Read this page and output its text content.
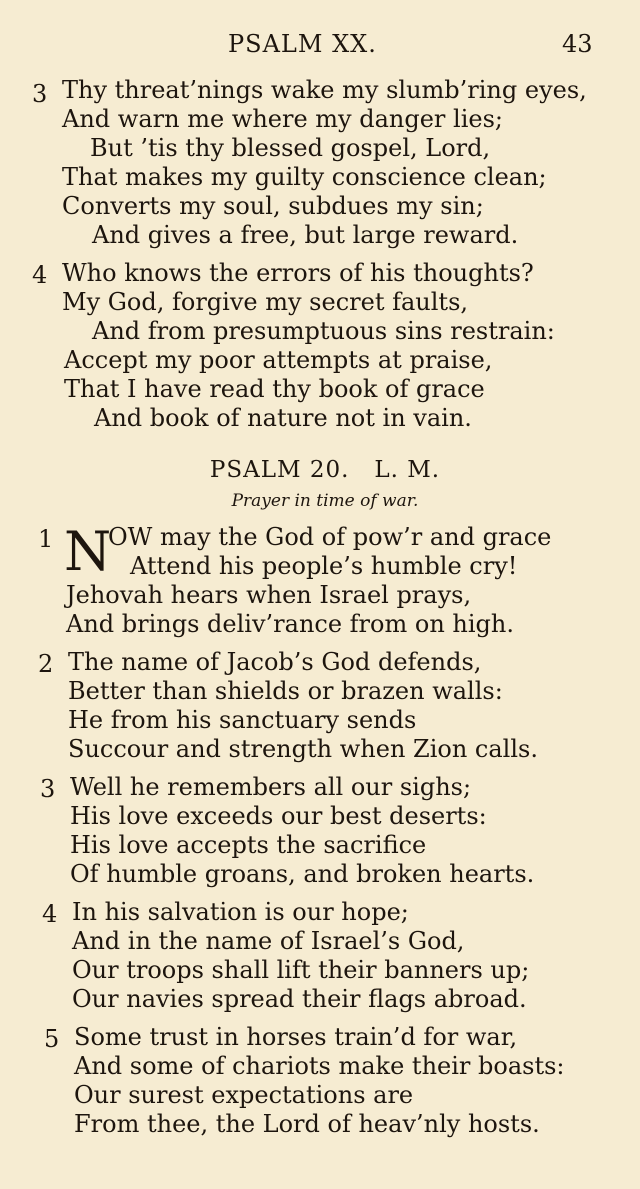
PSALM XX.	43
3 Thy threat’nings wake my slumb’ring eyes,
And warn me where my danger lies;
But ’tis thy blessed gospel, Lord,
That makes my guilty conscience clean;
Converts my soul, subdues my sin;
And gives a free, but large reward.
4 Who knows the errors of his thoughts?
My God, forgive my secret faults,
And from presumptuous sins restrain:
Accept my poor attempts at praise,
That I have read thy book of grace
And book of nature not in vain.
PSALM 20.   L. M.
Prayer in time of war.
1 N
OW may the God of pow’r and grace
Attend his people’s humble cry!
Jehovah hears when Israel prays,
And brings deliv’rance from on high.
2 The name of Jacob’s God defends,
Better than shields or brazen walls:
He from his sanctuary sends
Succour and strength when Zion calls.
3 Well he remembers all our sighs;
His love exceeds our best deserts:
His love accepts the sacrifice
Of humble groans, and broken hearts.
4 In his salvation is our hope;
And in the name of Israel’s God,
Our troops shall lift their banners up;
Our navies spread their flags abroad.
5 Some trust in horses train’d for war,
And some of chariots make their boasts:
Our surest expectations are
From thee, the Lord of heav’nly hosts.
